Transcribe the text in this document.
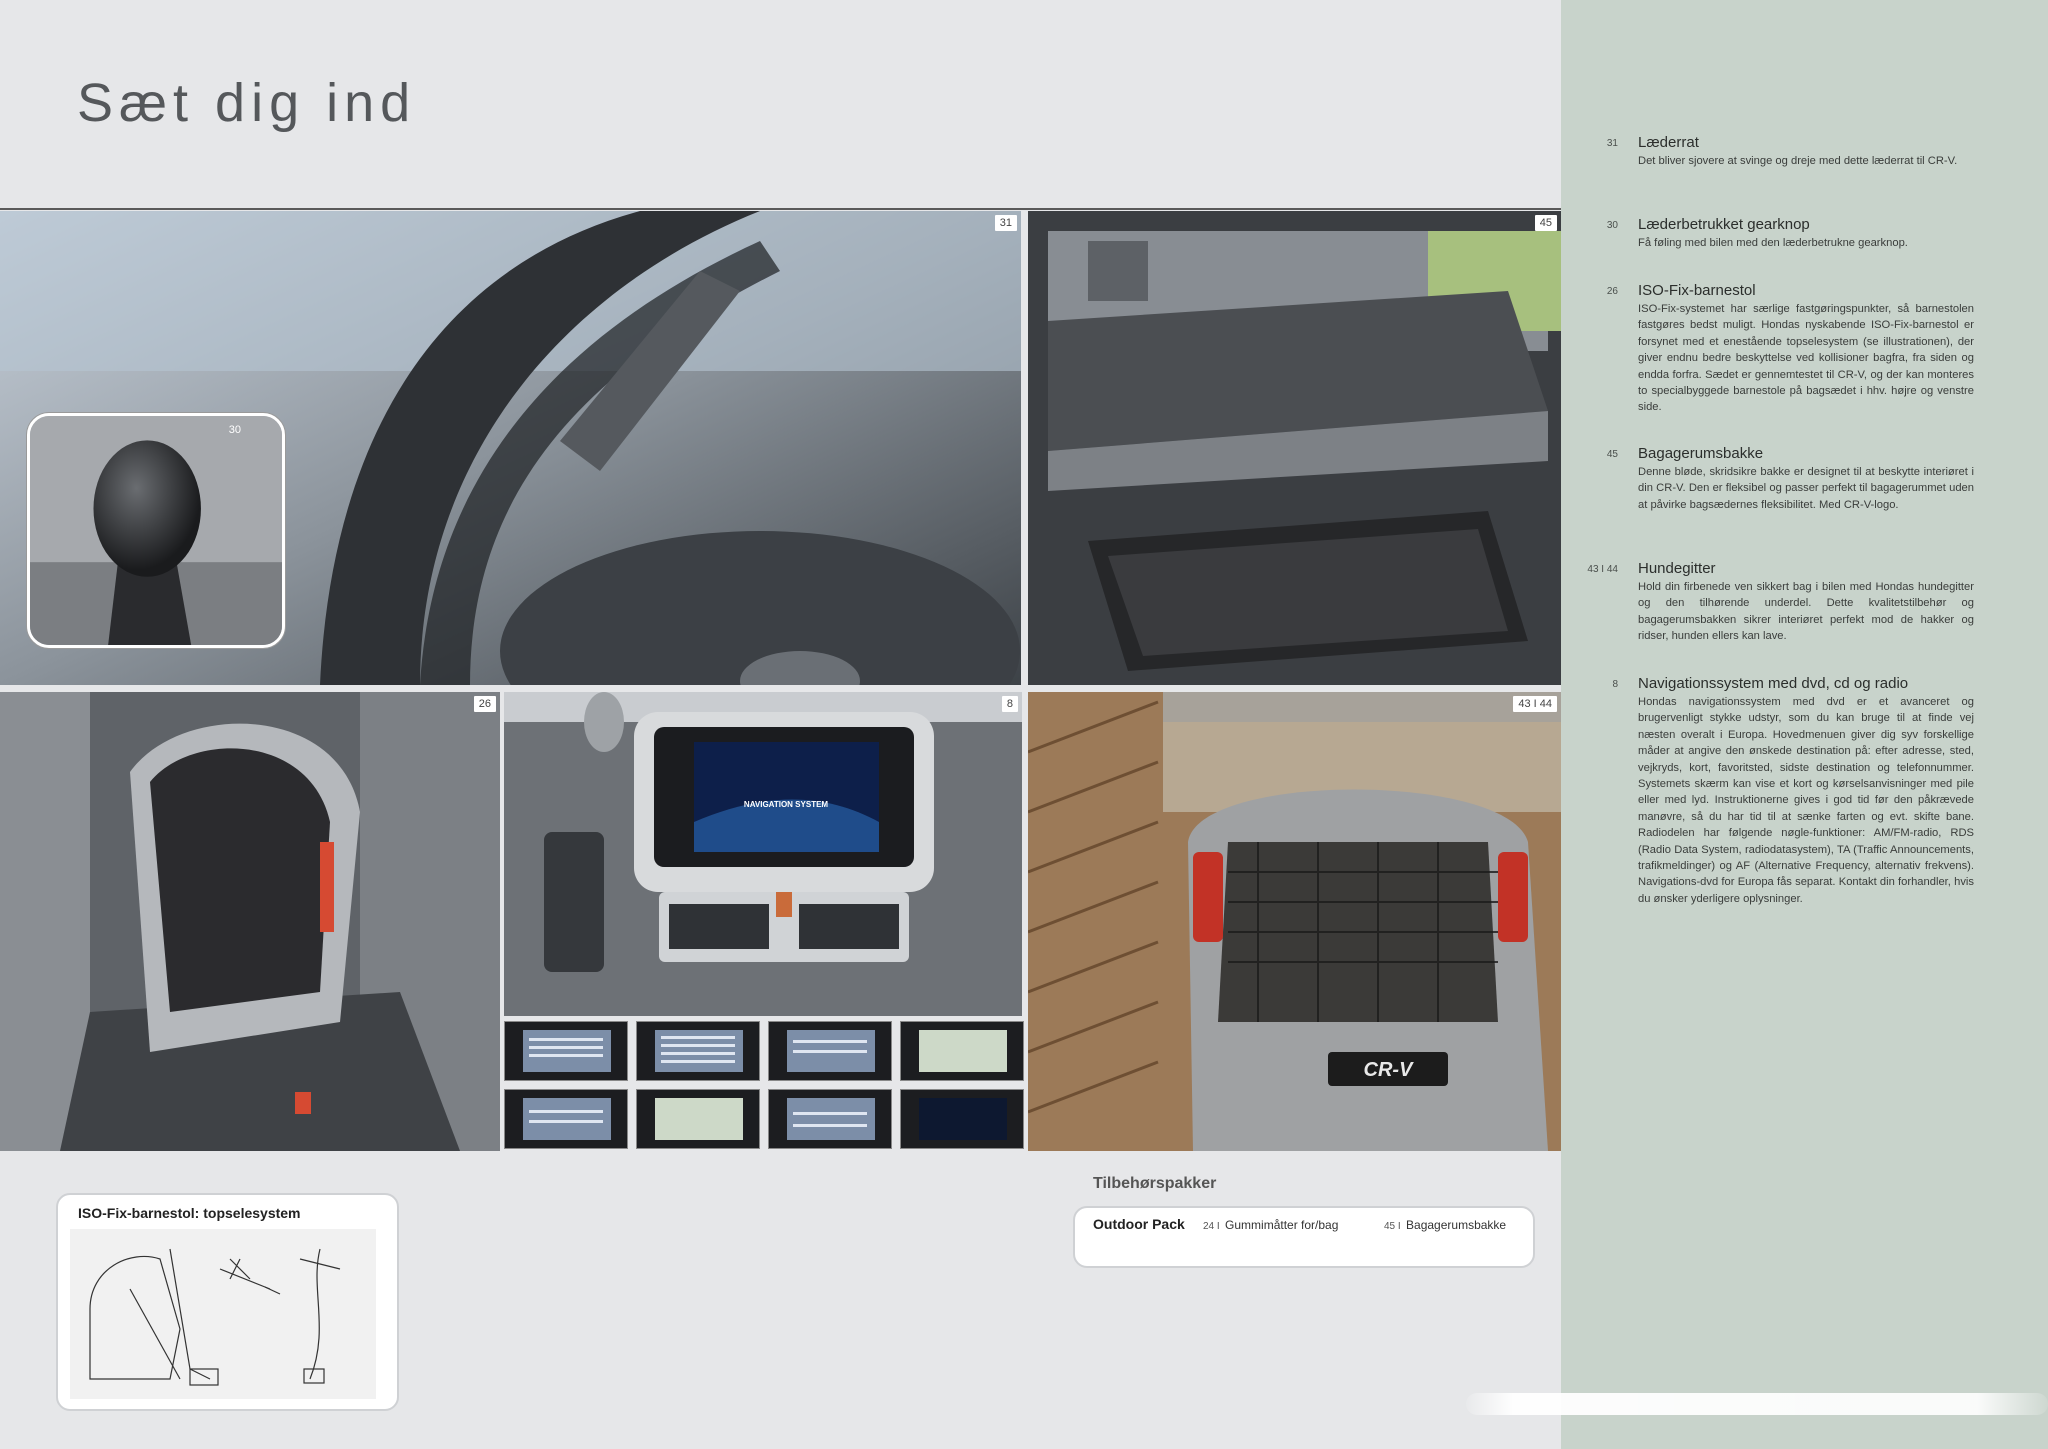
Sæt dig ind
31
30
45
26
NAVIGATION SYSTEM
8
CR-V
43 I 44
ISO-Fix-barnestol: topselesystem
Tilbehørspakker
Outdoor Pack 24 I Gummimåtter for/bag	45 I Bagagerumsbakke
31 Læderrat
Det bliver sjovere at svinge og dreje med dette læderrat til CR-V.
30 Læderbetrukket gearknop
Få føling med bilen med den læderbetrukne gearknop.
26 ISO-Fix-barnestol
ISO-Fix-systemet har særlige fastgøringspunkter, så barnestolen fastgøres bedst muligt. Hondas nyskabende ISO-Fix-barnestol er forsynet med et enestående topselesystem (se illustrationen), der giver endnu bedre beskyttelse ved kollisioner bagfra, fra siden og endda forfra. Sædet er gennemtestet til CR-V, og der kan monteres to specialbyggede barnestole på bagsædet i hhv. højre og venstre side.
45 Bagagerumsbakke
Denne bløde, skridsikre bakke er designet til at beskytte interiøret i din CR-V. Den er fleksibel og passer perfekt til bagagerummet uden at påvirke bagsædernes fleksibilitet. Med CR-V-logo.
43 I 44 Hundegitter
Hold din firbenede ven sikkert bag i bilen med Hondas hundegitter og den tilhørende underdel. Dette kvalitetstilbehør og bagagerumsbakken sikrer interiøret perfekt mod de hakker og ridser, hunden ellers kan lave.
8 Navigationssystem med dvd, cd og radio
Hondas navigationssystem med dvd er et avanceret og brugervenligt stykke udstyr, som du kan bruge til at finde vej næsten overalt i Europa. Hovedmenuen giver dig syv forskellige måder at angive den ønskede destination på: efter adresse, sted, vejkryds, kort, favoritsted, sidste destination og telefonnummer. Systemets skærm kan vise et kort og kørselsanvisninger med pile eller med lyd. Instruktionerne gives i god tid før den påkrævede manøvre, så du har tid til at sænke farten og evt. skifte bane. Radiodelen har følgende nøgle-funktioner: AM/FM-radio, RDS (Radio Data System, radiodatasystem), TA (Traffic Announcements, trafikmeldinger) og AF (Alternative Frequency, alternativ frekvens). Navigations-dvd for Europa fås separat. Kontakt din forhandler, hvis du ønsker yderligere oplysninger.
